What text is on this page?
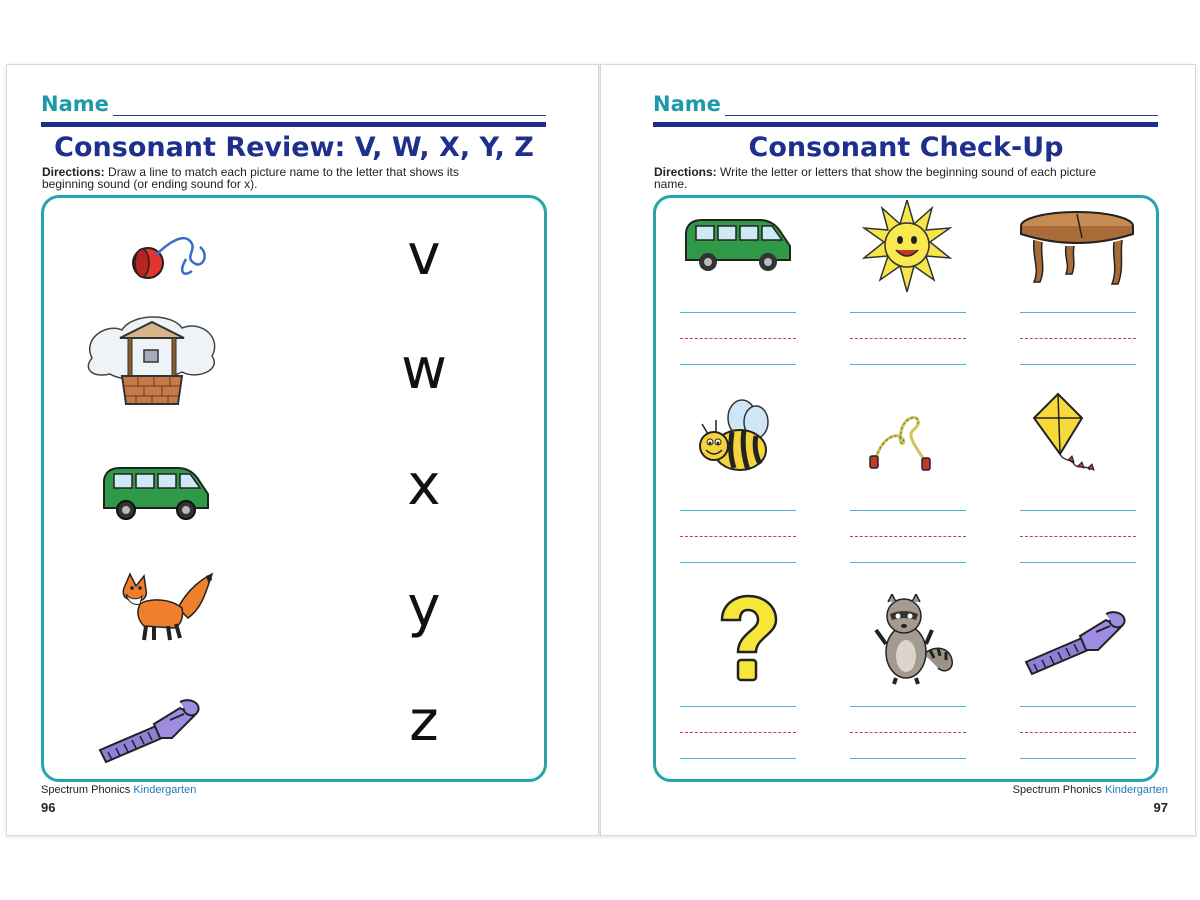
Name
Consonant Review: V, W, X, Y, Z
Directions: Draw a line to match each picture name to the letter that shows its beginning sound (or ending sound for x).
v
w
x
y
z
Spectrum Phonics Kindergarten
96
Name
Consonant Check-Up
Directions: Write the letter or letters that show the beginning sound of each picture name.
Spectrum Phonics Kindergarten
97
